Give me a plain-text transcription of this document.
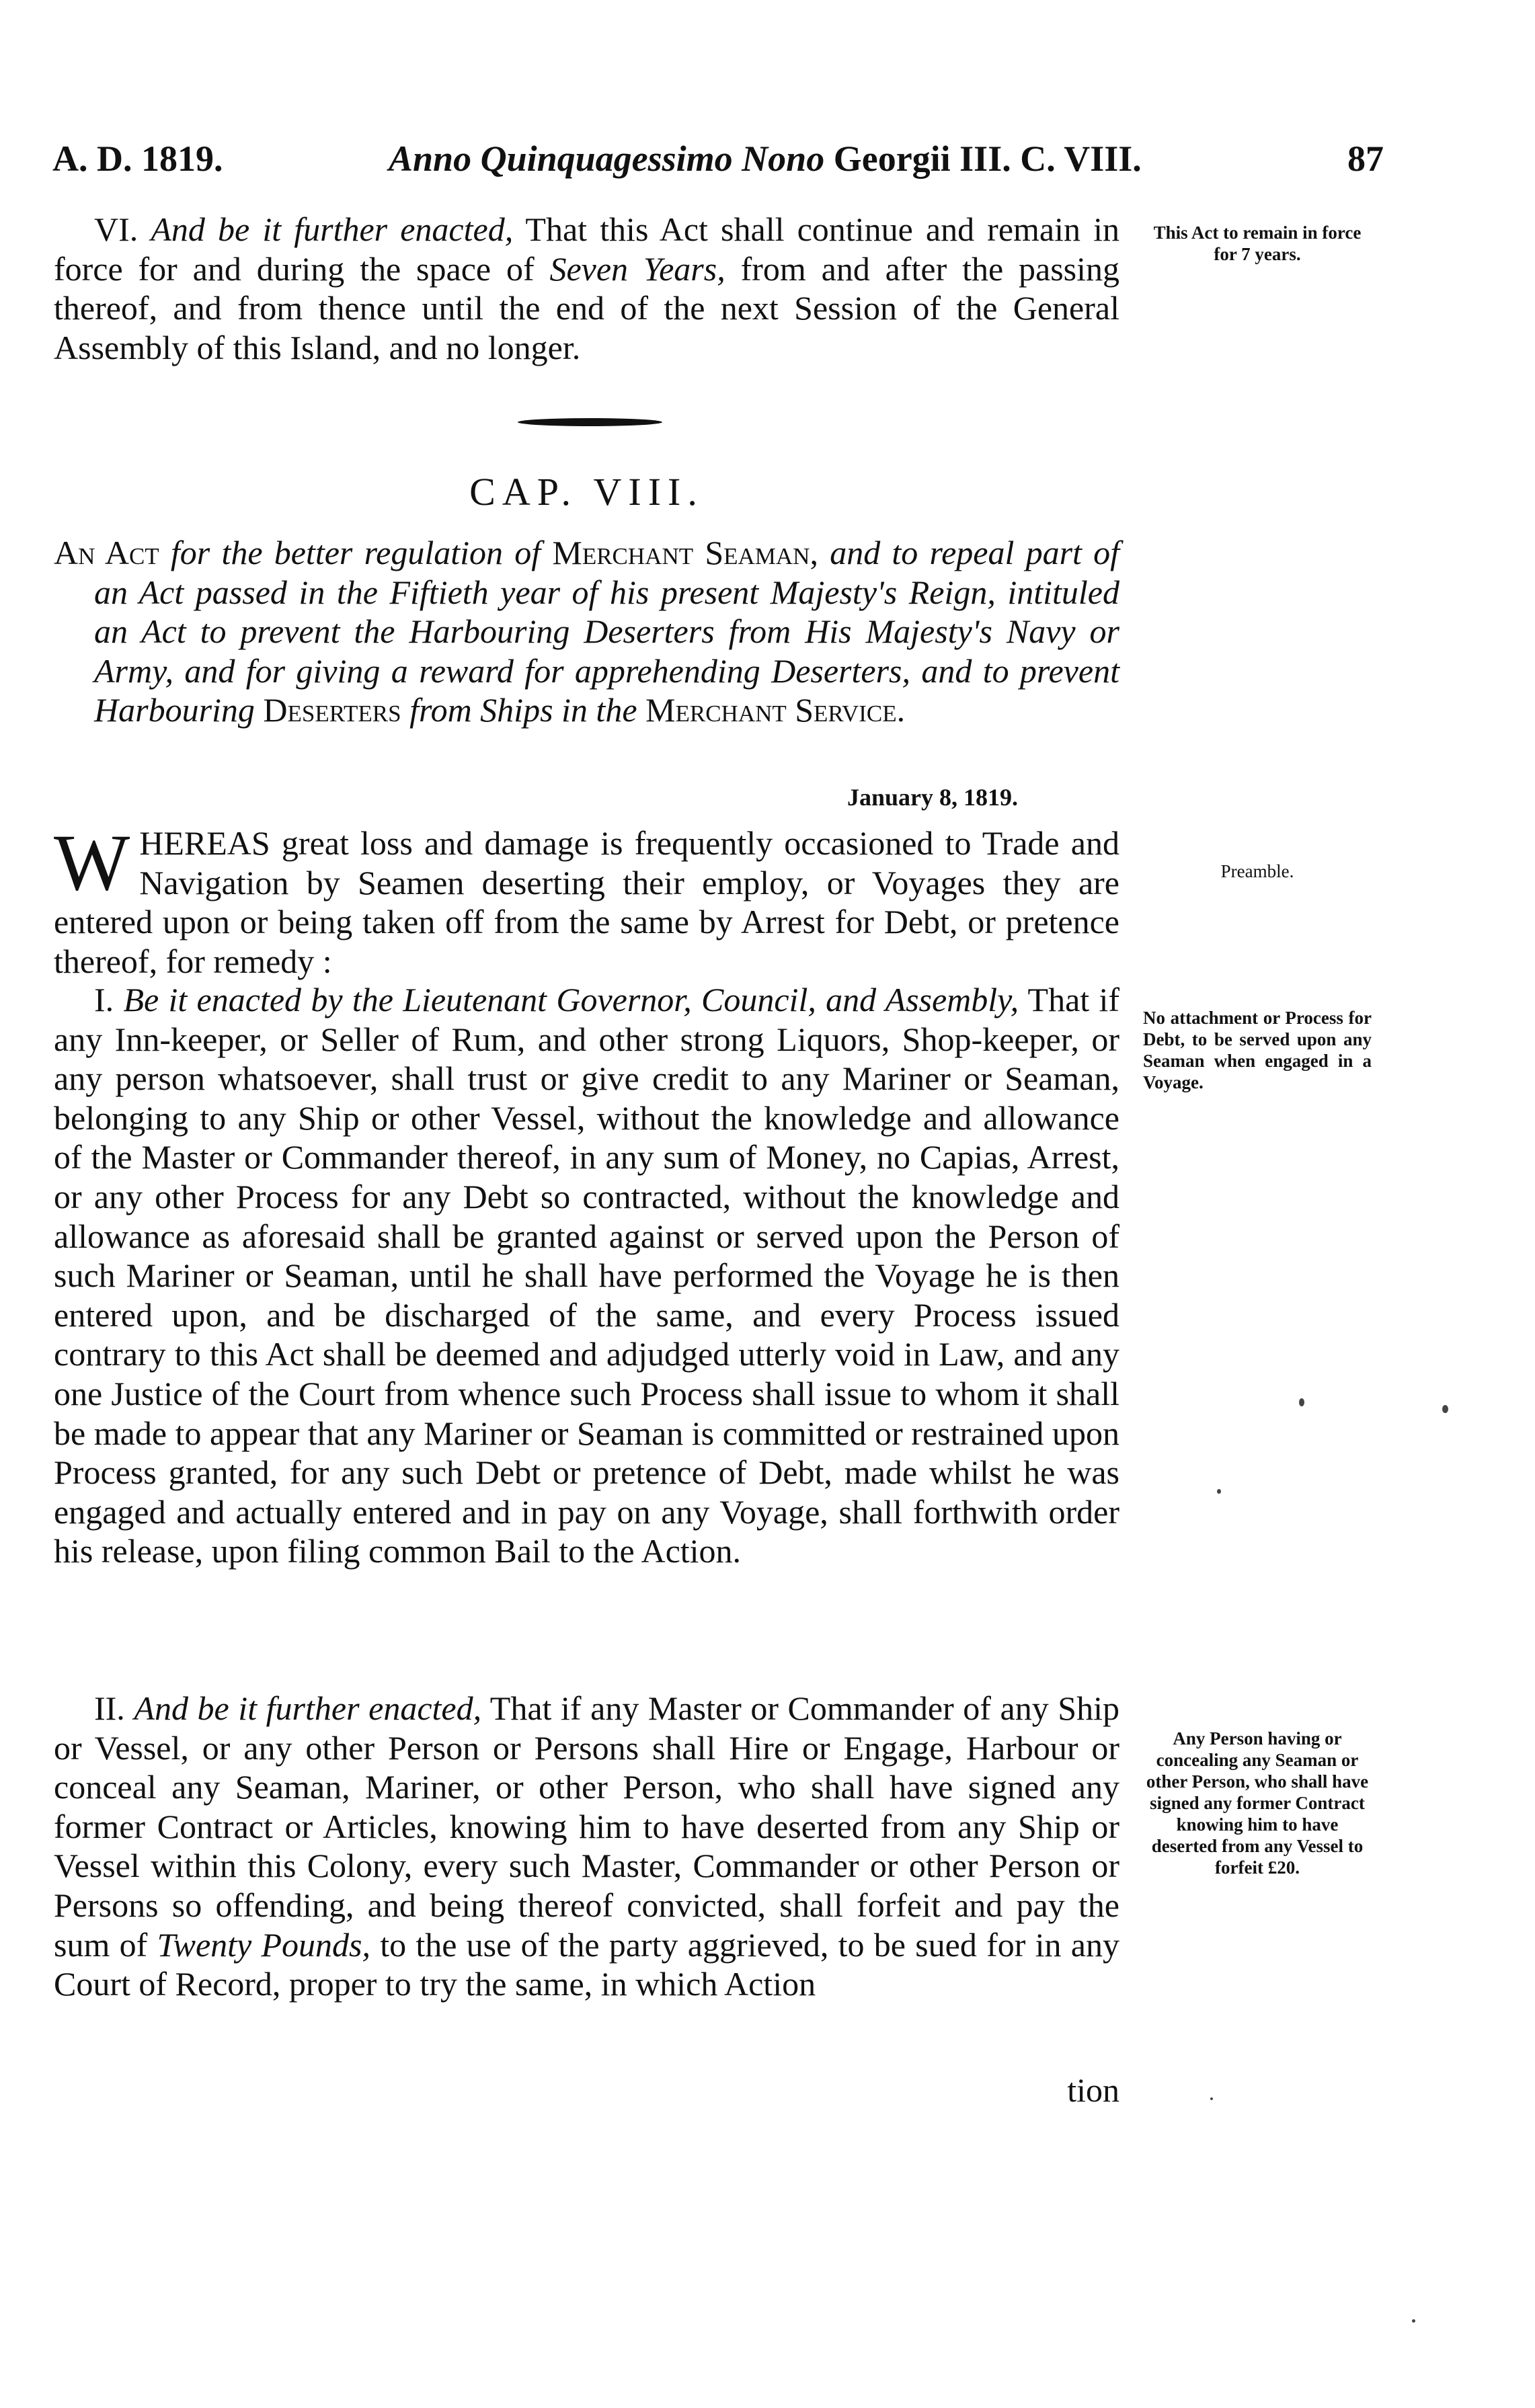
A. D. 1819.	Anno Quinquagessimo Nono Georgii III. C. VIII.	87

VI. And be it further enacted, That this Act shall continue and remain in force for and during the space of Seven Years, from and after the passing thereof, and from thence until the end of the next Session of the General Assembly of this Island, and no longer.

CAP. VIII.
An Act for the better regulation of Merchant Seaman, and to repeal part of an Act passed in the Fiftieth year of his present Majesty's Reign, intituled an Act to prevent the Harbouring Deserters from His Majesty's Navy or Army, and for giving a reward for apprehending Deserters, and to prevent Harbouring Deserters from Ships in the Merchant Service.
January 8, 1819.

WHEREAS great loss and damage is frequently occasioned to Trade and Navigation by Seamen deserting their employ, or Voyages they are entered upon or being taken off from the same by Arrest for Debt, or pretence thereof, for remedy :

I. Be it enacted by the Lieutenant Governor, Council, and Assembly, That if any Inn-keeper, or Seller of Rum, and other strong Liquors, Shop-keeper, or any person whatsoever, shall trust or give credit to any Mariner or Seaman, belonging to any Ship or other Vessel, without the knowledge and allowance of the Master or Commander thereof, in any sum of Money, no Capias, Arrest, or any other Process for any Debt so contracted, without the knowledge and allowance as aforesaid shall be granted against or served upon the Person of such Mariner or Seaman, until he shall have performed the Voyage he is then entered upon, and be discharged of the same, and every Process issued contrary to this Act shall be deemed and adjudged utterly void in Law, and any one Justice of the Court from whence such Process shall issue to whom it shall be made to appear that any Mariner or Seaman is committed or restrained upon Process granted, for any such Debt or pretence of Debt, made whilst he was engaged and actually entered and in pay on any Voyage, shall forthwith order his release, upon filing common Bail to the Action.

II. And be it further enacted, That if any Master or Commander of any Ship or Vessel, or any other Person or Persons shall Hire or Engage, Harbour or conceal any Seaman, Mariner, or other Person, who shall have signed any former Contract or Articles, knowing him to have deserted from any Ship or Vessel within this Colony, every such Master, Commander or other Person or Persons so offending, and being thereof convicted, shall forfeit and pay the sum of Twenty Pounds, to the use of the party aggrieved, to be sued for in any Court of Record, proper to try the same, in which Action

tion
This Act to remain in force for 7 years.
Preamble.
No attachment or Process for Debt, to be served upon any Seaman when engaged in a Voyage.
Any Person having or concealing any Seaman or other Person, who shall have signed any former Contract knowing him to have deserted from any Vessel to forfeit £20.
